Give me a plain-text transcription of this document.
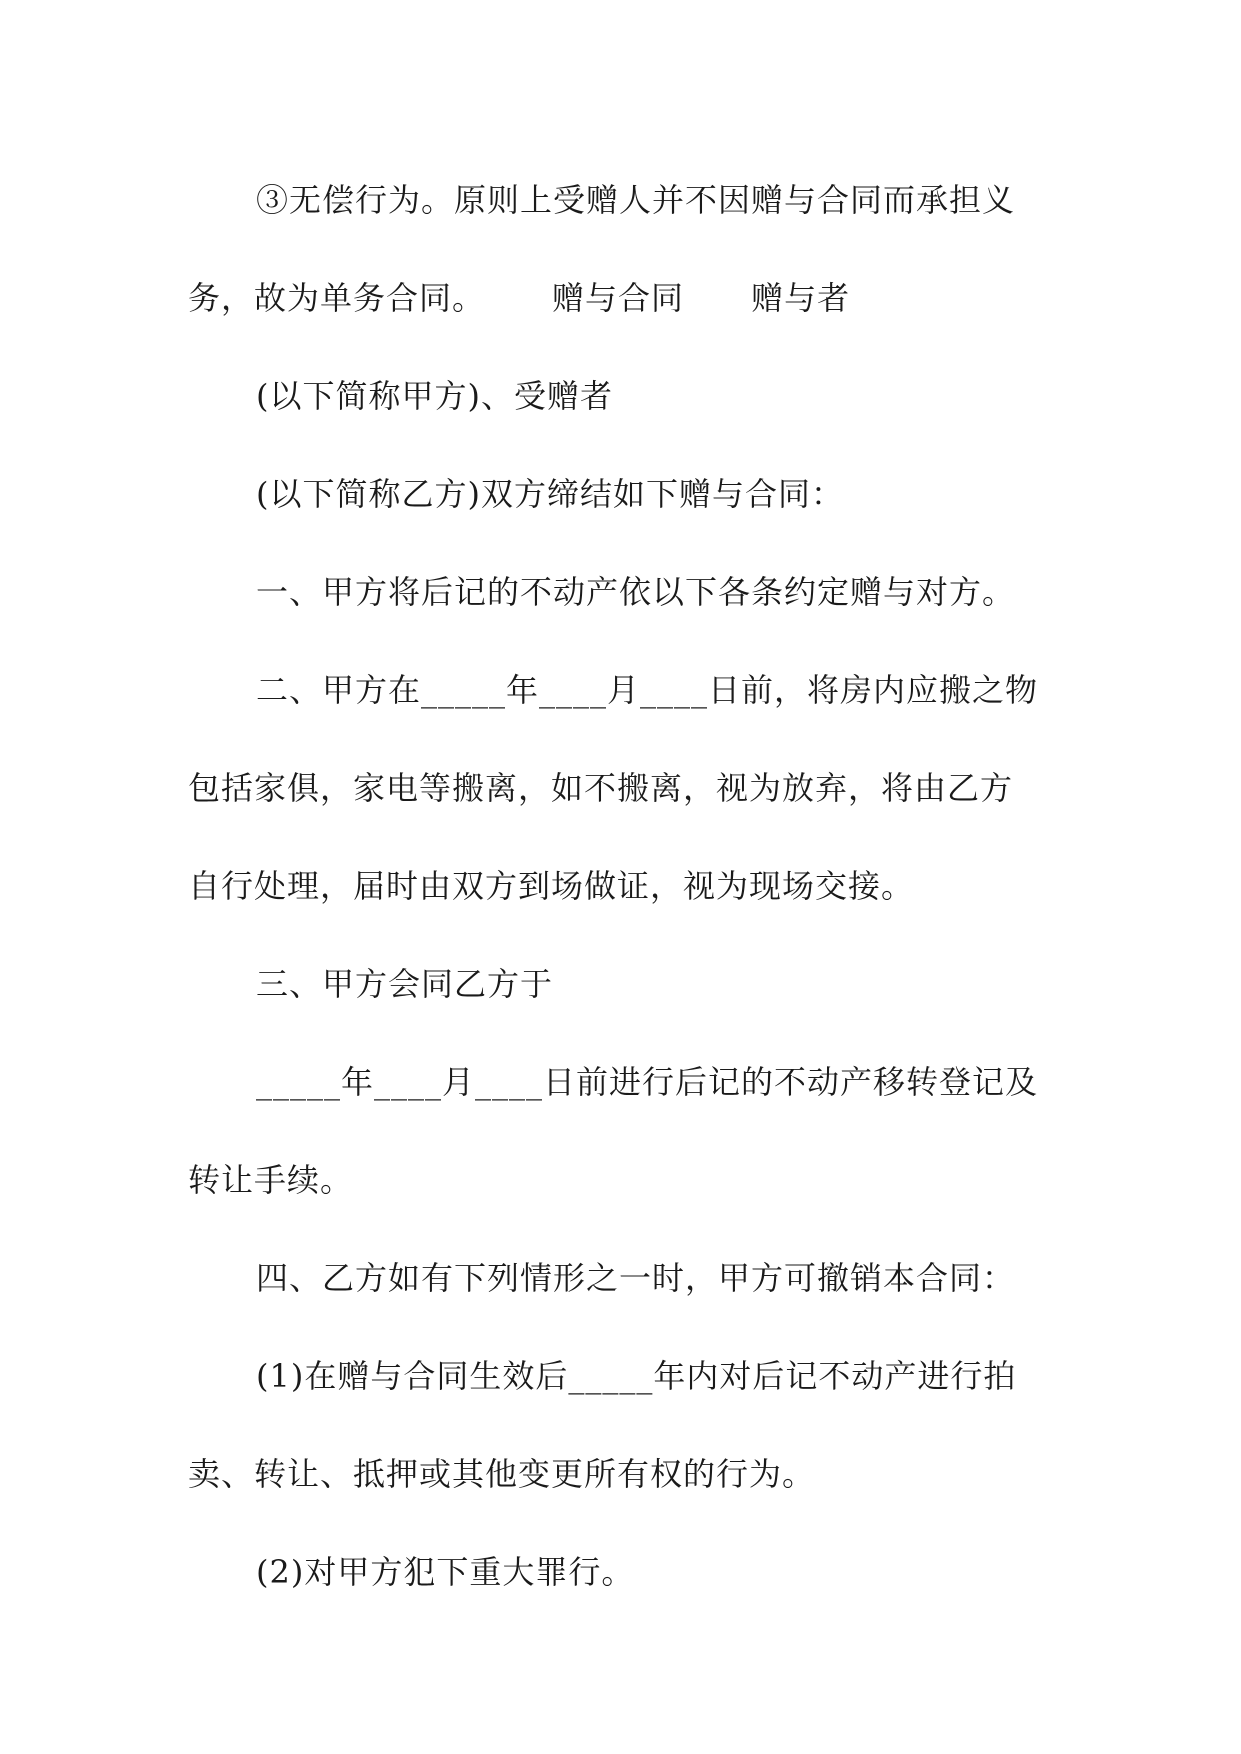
③无偿行为。原则上受赠人并不因赠与合同而承担义
务，故为单务合同。      赠与合同      赠与者
(以下简称甲方)、受赠者
(以下简称乙方)双方缔结如下赠与合同：
一、甲方将后记的不动产依以下各条约定赠与对方。
二、甲方在_____年____月____日前，将房内应搬之物
包括家俱，家电等搬离，如不搬离，视为放弃，将由乙方
自行处理，届时由双方到场做证，视为现场交接。
三、甲方会同乙方于
_____年____月____日前进行后记的不动产移转登记及
转让手续。
四、乙方如有下列情形之一时，甲方可撤销本合同：
(1)在赠与合同生效后_____年内对后记不动产进行拍
卖、转让、抵押或其他变更所有权的行为。
(2)对甲方犯下重大罪行。
